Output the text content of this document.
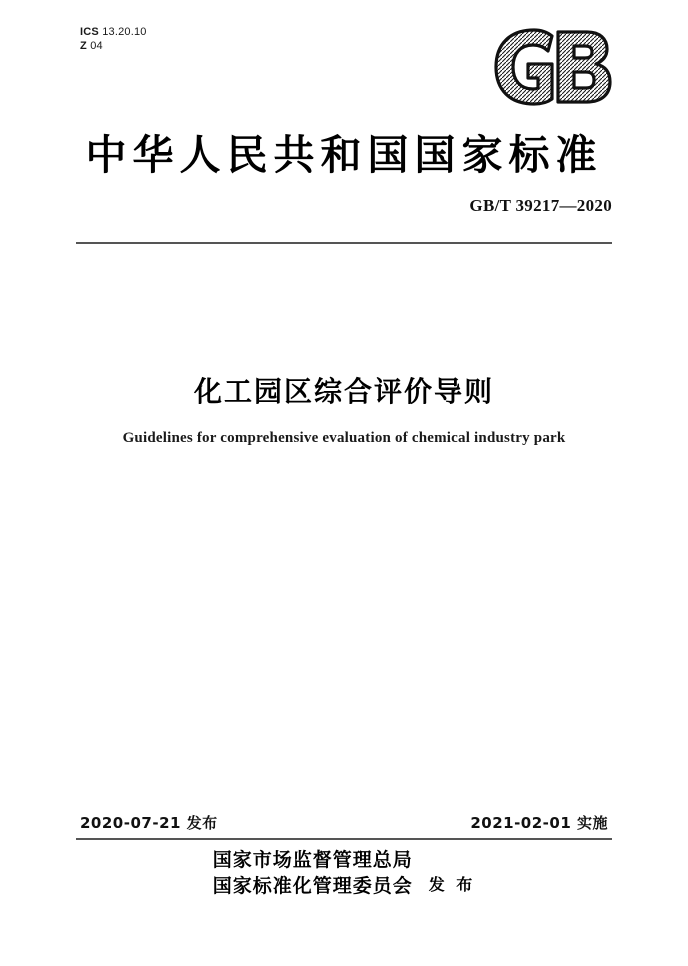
ICS 13.20.10
Z 04
中华人民共和国国家标准
GB/T 39217—2020
化工园区综合评价导则
Guidelines for comprehensive evaluation of chemical industry park
2020-07-21 发布	2021-02-01 实施
国家市场监督管理总局
国家标准化管理委员会 发 布
